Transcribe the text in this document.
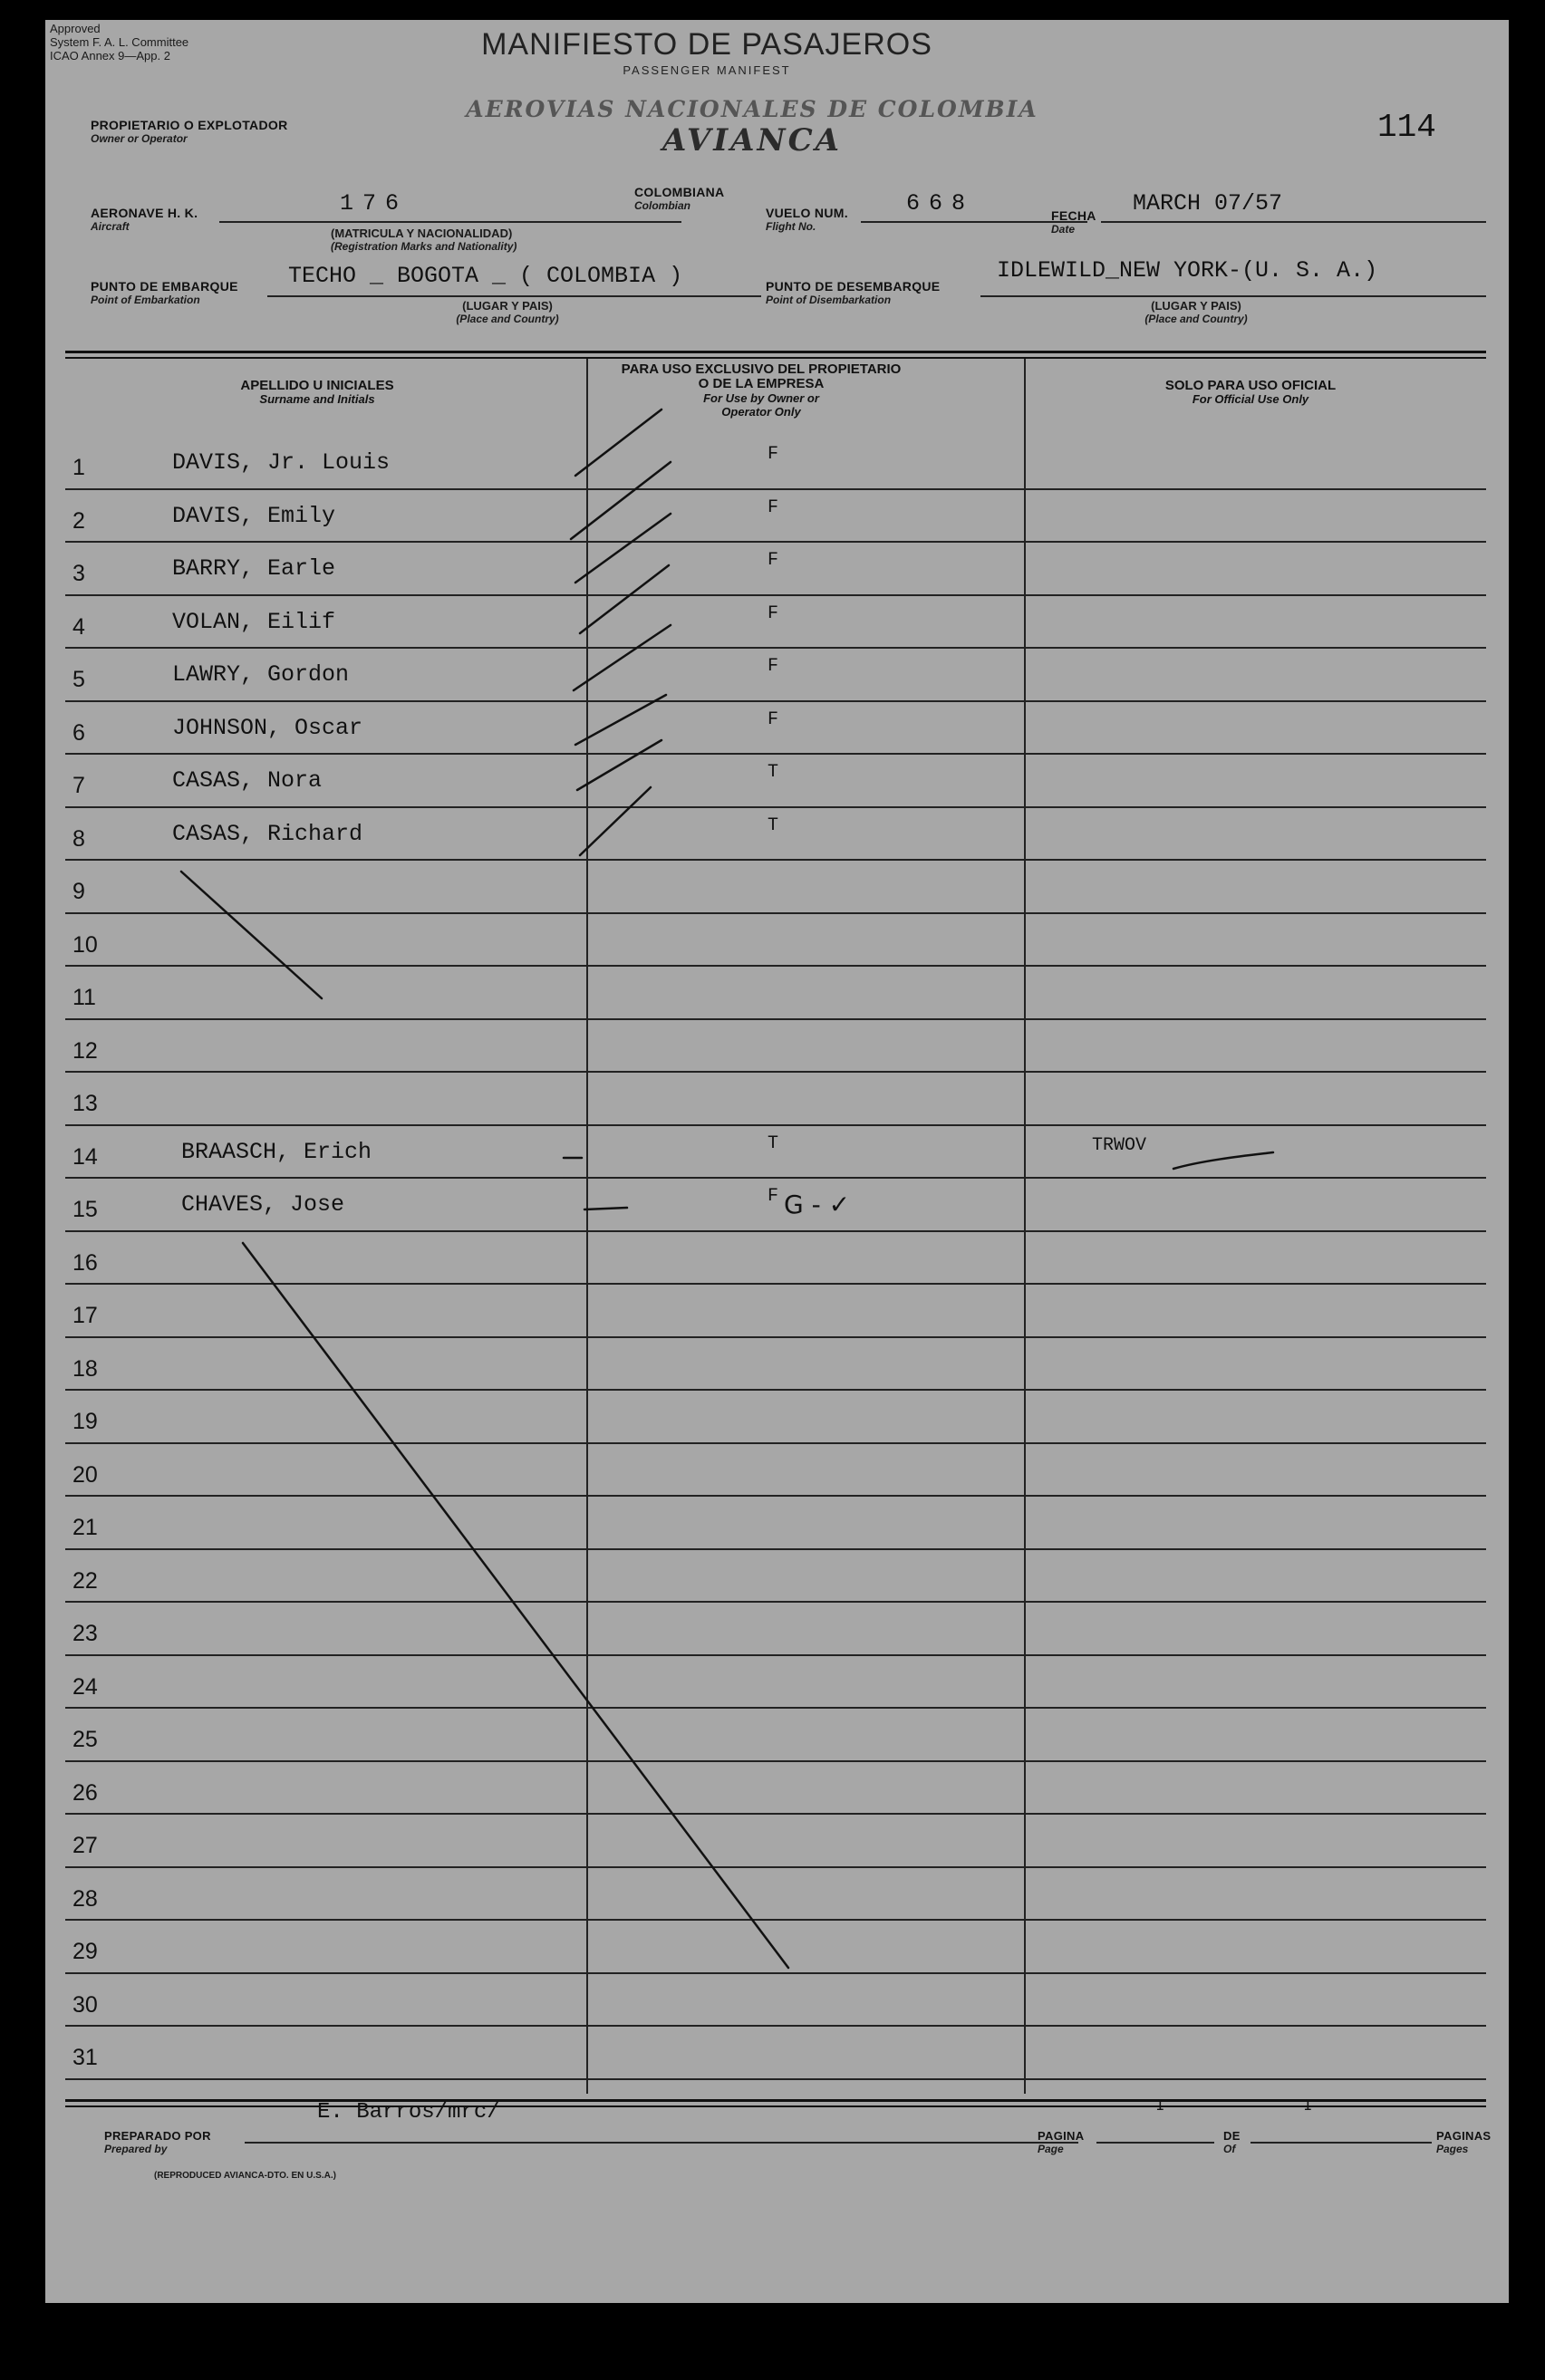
Approved
System F. A. L. Committee
ICAO Annex 9—App. 2	MANIFIESTO DE PASAJEROS
PASSENGER MANIFEST
PROPIETARIO O EXPLOTADOR
Owner or Operator
AEROVIAS NACIONALES DE COLOMBIA
AVIANCA	114
AERONAVE H. K.
Aircraft
176	COLOMBIANA
Colombian
(MATRICULA Y NACIONALIDAD)
(Registration Marks and Nationality)
VUELO NUM.
Flight No.
668	FECHA
Date
MARCH 07/57
PUNTO DE EMBARQUE
Point of Embarkation
TECHO _ BOGOTA _ ( COLOMBIA )
(LUGAR Y PAIS)
(Place and Country)
PUNTO DE DESEMBARQUE
Point of Disembarkation
IDLEWILD_NEW YORK-(U. S. A.)
(LUGAR Y PAIS)
(Place and Country)
APELLIDO U INICIALES
Surname and Initials
PARA USO EXCLUSIVO DEL PROPIETARIO
O DE LA EMPRESA
For Use by Owner or
Operator Only
SOLO PARA USO OFICIAL
For Official Use Only
1	DAVIS, Jr. Louis	F
2	DAVIS, Emily	F
3	BARRY, Earle	F
4	VOLAN, Eilif	F
5	LAWRY, Gordon	F
6	JOHNSON, Oscar	F
7	CASAS, Nora	T
8	CASAS, Richard	T
9
10
11
12
13
14	BRAASCH, Erich	T	TRWOV
15	CHAVES, Jose	F G - ✓
16
17
18
19
20
21
22
23
24
25
26
27
28
29
30
31
E. Barros/mrc/
PREPARADO POR
Prepared by
1
PAGINA
Page
1
DE
Of
PAGINAS
Pages
(REPRODUCED AVIANCA-DTO. EN U.S.A.)
